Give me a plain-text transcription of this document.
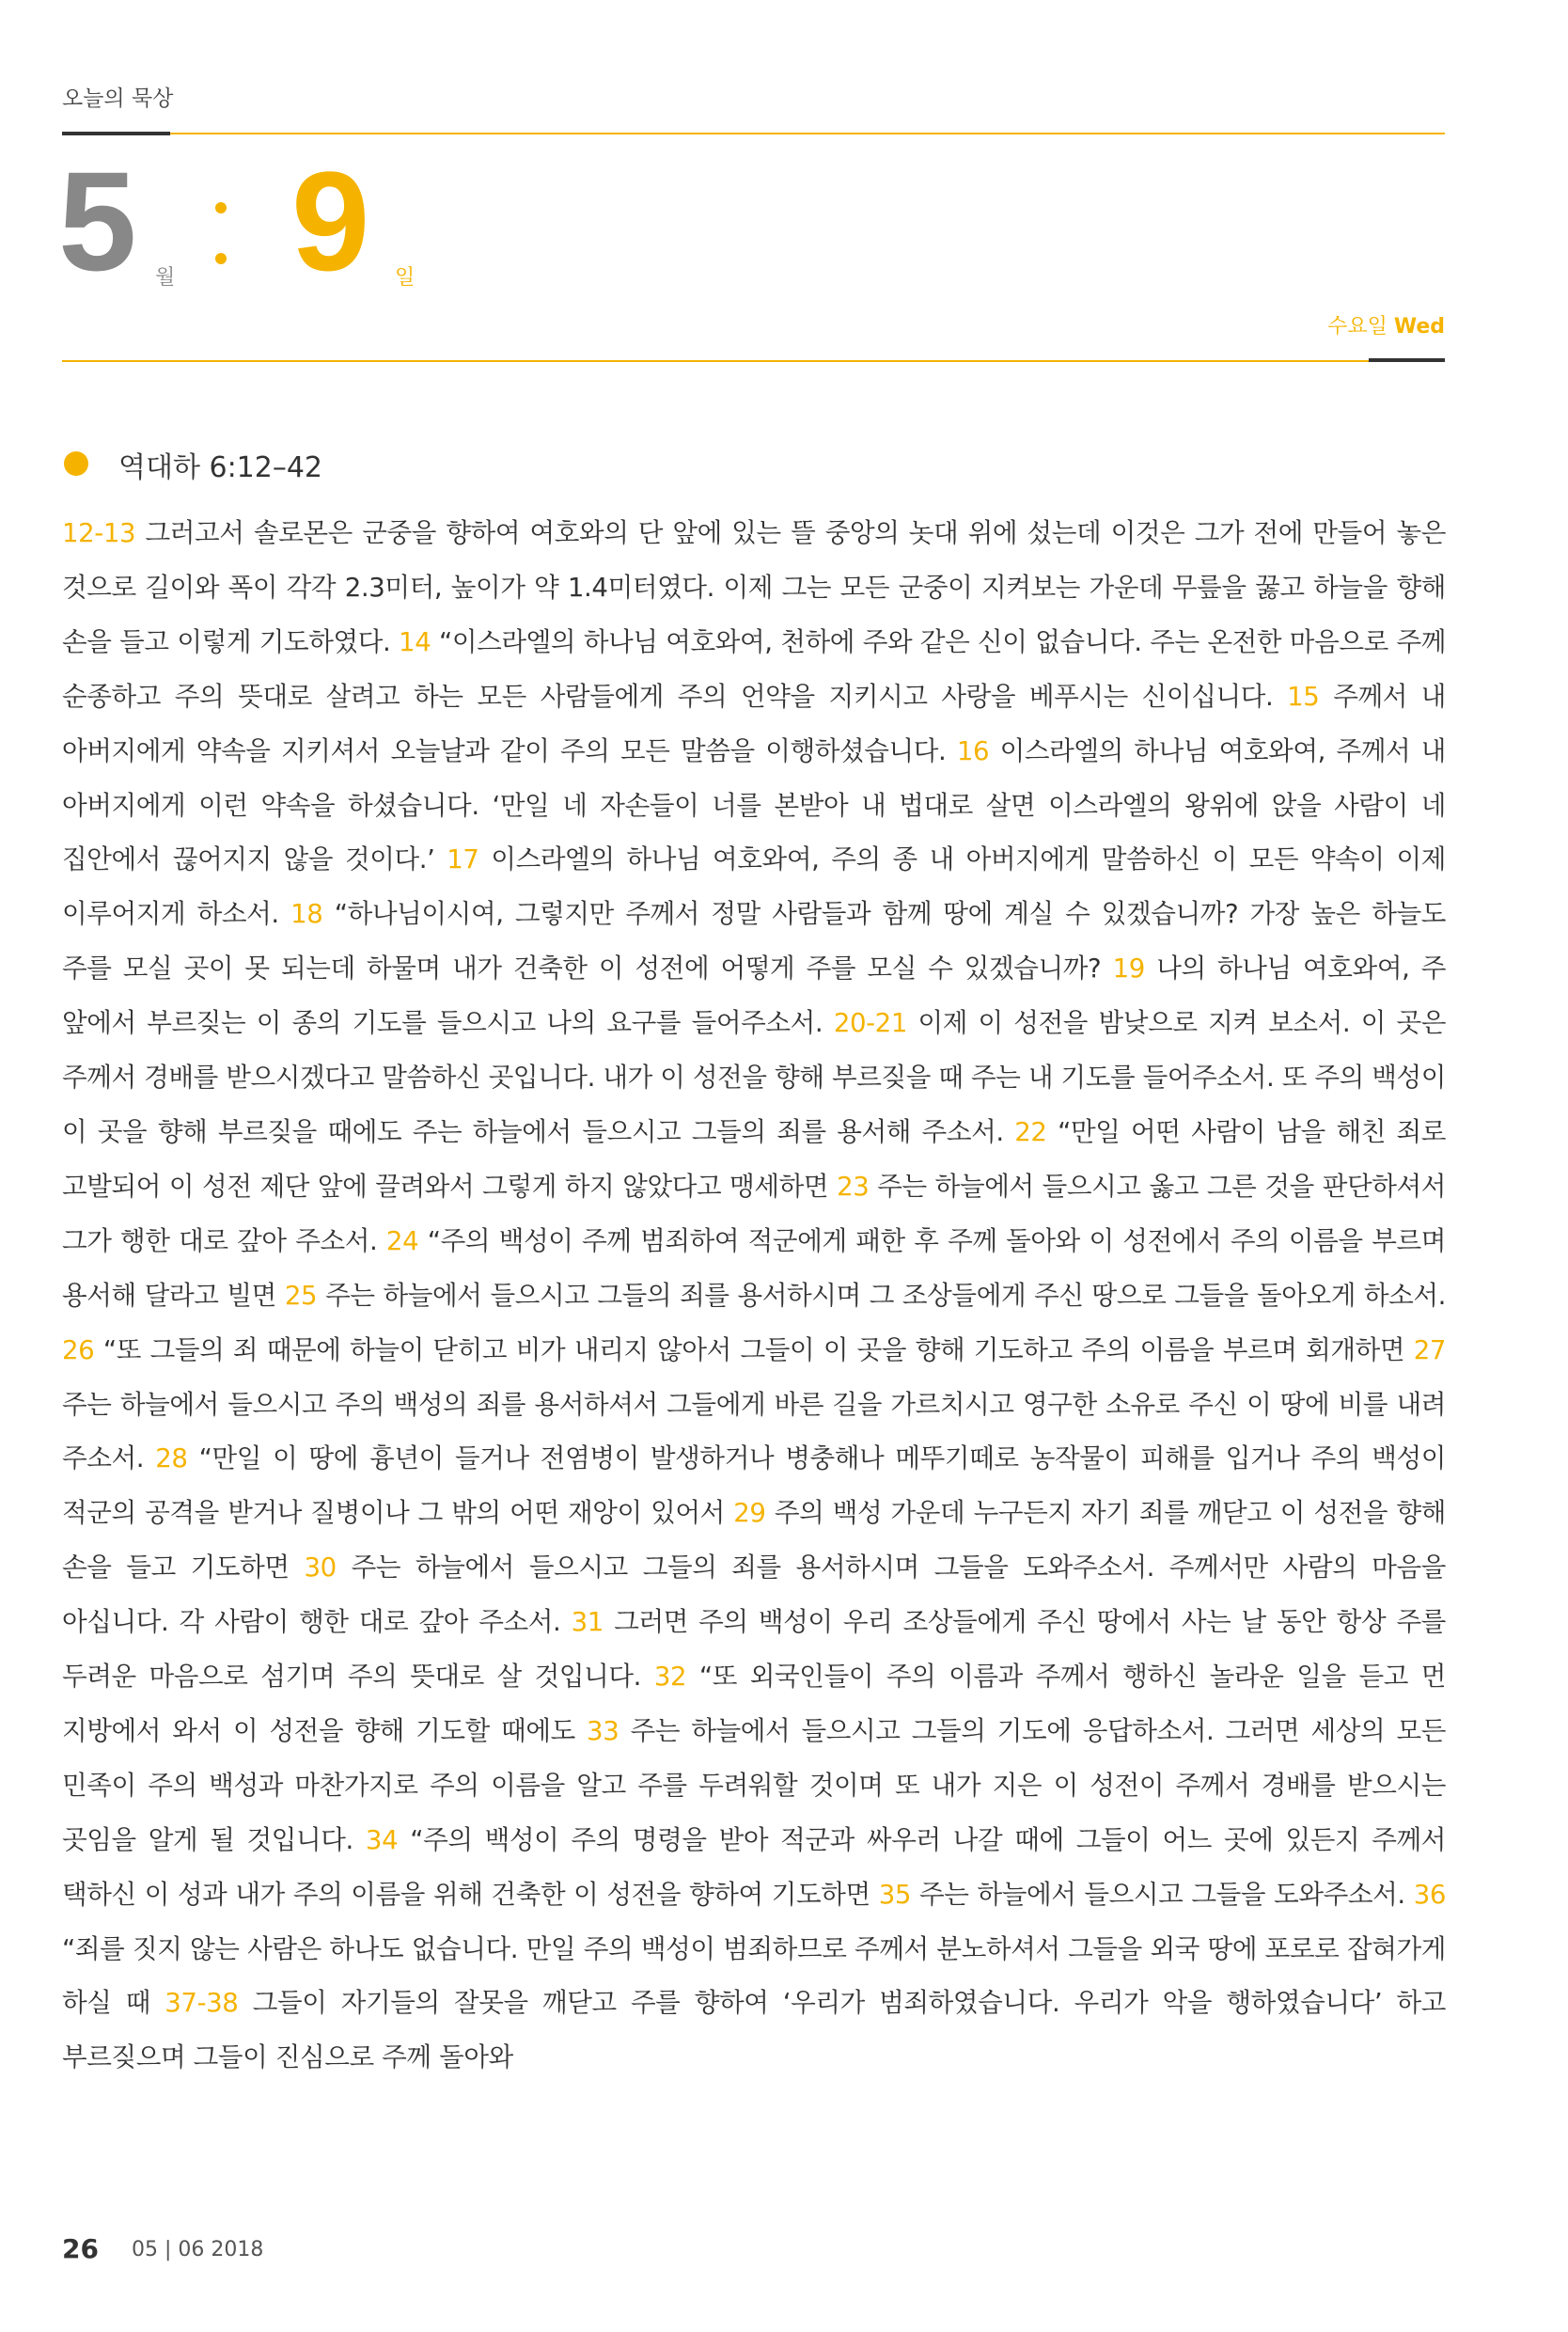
오늘의 묵상
5 월 9 일
수요일 Wed
역대하 6:12–42
12-13 그러고서 솔로몬은 군중을 향하여 여호와의 단 앞에 있는 뜰 중앙의 놋대 위에 섰는데 이것은 그가 전에 만들어 놓은 것으로 길이와 폭이 각각 2.3미터, 높이가 약 1.4미터였다. 이제 그는 모든 군중이 지켜보는 가운데 무릎을 꿇고 하늘을 향해 손을 들고 이렇게 기도하였다. 14 “이스라엘의 하나님 여호와여, 천하에 주와 같은 신이 없습니다. 주는 온전한 마음으로 주께 순종하고 주의 뜻대로 살려고 하는 모든 사람들에게 주의 언약을 지키시고 사랑을 베푸시는 신이십니다. 15 주께서 내 아버지에게 약속을 지키셔서 오늘날과 같이 주의 모든 말씀을 이행하셨습니다. 16 이스라엘의 하나님 여호와여, 주께서 내 아버지에게 이런 약속을 하셨습니다. ‘만일 네 자손들이 너를 본받아 내 법대로 살면 이스라엘의 왕위에 앉을 사람이 네 집안에서 끊어지지 않을 것이다.’ 17 이스라엘의 하나님 여호와여, 주의 종 내 아버지에게 말씀하신 이 모든 약속이 이제 이루어지게 하소서. 18 “하나님이시여, 그렇지만 주께서 정말 사람들과 함께 땅에 계실 수 있겠습니까? 가장 높은 하늘도 주를 모실 곳이 못 되는데 하물며 내가 건축한 이 성전에 어떻게 주를 모실 수 있겠습니까? 19 나의 하나님 여호와여, 주 앞에서 부르짖는 이 종의 기도를 들으시고 나의 요구를 들어주소서. 20-21 이제 이 성전을 밤낮으로 지켜 보소서. 이 곳은 주께서 경배를 받으시겠다고 말씀하신 곳입니다. 내가 이 성전을 향해 부르짖을 때 주는 내 기도를 들어주소서. 또 주의 백성이 이 곳을 향해 부르짖을 때에도 주는 하늘에서 들으시고 그들의 죄를 용서해 주소서. 22 “만일 어떤 사람이 남을 해친 죄로 고발되어 이 성전 제단 앞에 끌려와서 그렇게 하지 않았다고 맹세하면 23 주는 하늘에서 들으시고 옳고 그른 것을 판단하셔서 그가 행한 대로 갚아 주소서. 24 “주의 백성이 주께 범죄하여 적군에게 패한 후 주께 돌아와 이 성전에서 주의 이름을 부르며 용서해 달라고 빌면 25 주는 하늘에서 들으시고 그들의 죄를 용서하시며 그 조상들에게 주신 땅으로 그들을 돌아오게 하소서. 26 “또 그들의 죄 때문에 하늘이 닫히고 비가 내리지 않아서 그들이 이 곳을 향해 기도하고 주의 이름을 부르며 회개하면 27 주는 하늘에서 들으시고 주의 백성의 죄를 용서하셔서 그들에게 바른 길을 가르치시고 영구한 소유로 주신 이 땅에 비를 내려 주소서. 28 “만일 이 땅에 흉년이 들거나 전염병이 발생하거나 병충해나 메뚜기떼로 농작물이 피해를 입거나 주의 백성이 적군의 공격을 받거나 질병이나 그 밖의 어떤 재앙이 있어서 29 주의 백성 가운데 누구든지 자기 죄를 깨닫고 이 성전을 향해 손을 들고 기도하면 30 주는 하늘에서 들으시고 그들의 죄를 용서하시며 그들을 도와주소서. 주께서만 사람의 마음을 아십니다. 각 사람이 행한 대로 갚아 주소서. 31 그러면 주의 백성이 우리 조상들에게 주신 땅에서 사는 날 동안 항상 주를 두려운 마음으로 섬기며 주의 뜻대로 살 것입니다. 32 “또 외국인들이 주의 이름과 주께서 행하신 놀라운 일을 듣고 먼 지방에서 와서 이 성전을 향해 기도할 때에도 33 주는 하늘에서 들으시고 그들의 기도에 응답하소서. 그러면 세상의 모든 민족이 주의 백성과 마찬가지로 주의 이름을 알고 주를 두려워할 것이며 또 내가 지은 이 성전이 주께서 경배를 받으시는 곳임을 알게 될 것입니다. 34 “주의 백성이 주의 명령을 받아 적군과 싸우러 나갈 때에 그들이 어느 곳에 있든지 주께서 택하신 이 성과 내가 주의 이름을 위해 건축한 이 성전을 향하여 기도하면 35 주는 하늘에서 들으시고 그들을 도와주소서. 36 “죄를 짓지 않는 사람은 하나도 없습니다. 만일 주의 백성이 범죄하므로 주께서 분노하셔서 그들을 외국 땅에 포로로 잡혀가게 하실 때 37-38 그들이 자기들의 잘못을 깨닫고 주를 향하여 ‘우리가 범죄하였습니다. 우리가 악을 행하였습니다’ 하고 부르짖으며 그들이 진심으로 주께 돌아와
26 05 | 06 2018
